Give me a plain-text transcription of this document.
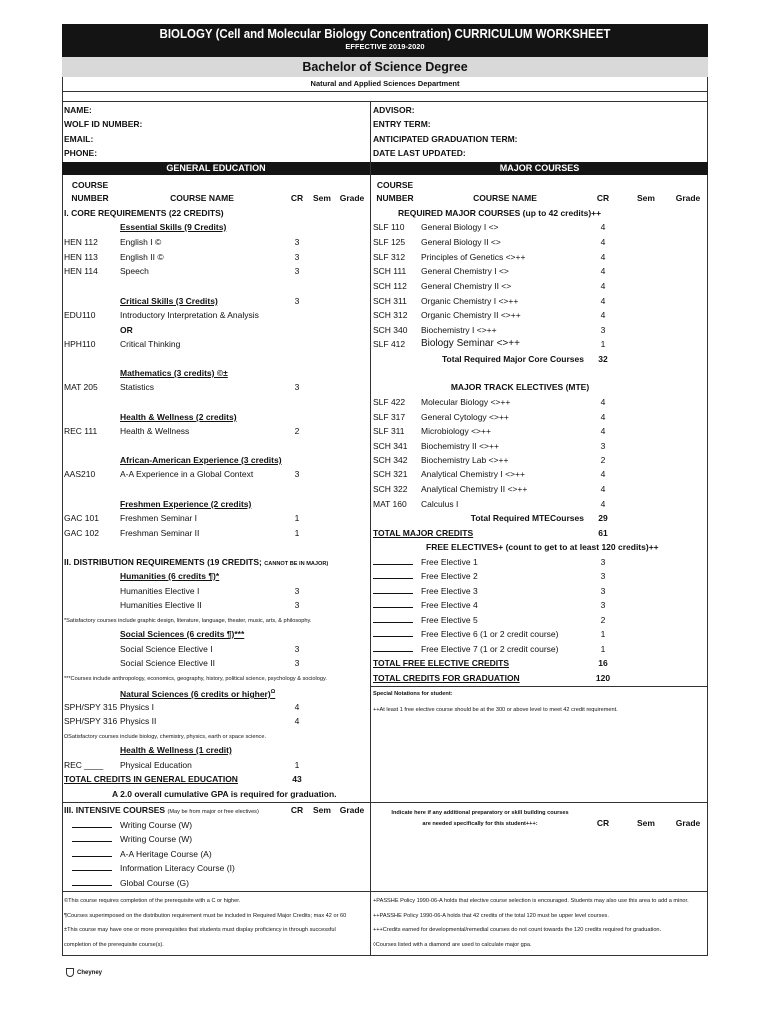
BIOLOGY (Cell and Molecular Biology Concentration) CURRICULUM WORKSHEET
EFFECTIVE 2019-2020
Bachelor of Science Degree
Natural and Applied Sciences Department
NAME:
WOLF ID NUMBER:
EMAIL:
PHONE:
ADVISOR:
ENTRY TERM:
ANTICIPATED GRADUATION TERM:
DATE LAST UPDATED:
GENERAL EDUCATION	MAJOR COURSES
COURSE
NUMBER	COURSE NAME	CR	Sem	Grade
I. CORE REQUIREMENTS (22 CREDITS)
Essential Skills (9 Credits)
HEN 112	English I ©	3
HEN 113	English II ©	3
HEN 114	Speech	3
Critical Skills (3 Credits)	3
EDU110	Introductory Interpretation & Analysis
OR
HPH110	Critical Thinking
Mathematics (3 credits) ©±
MAT 205	Statistics	3
Health & Wellness (2 credits)
REC 111	Health & Wellness	2
African-American Experience (3 credits)
AAS210	A-A Experience in a Global Context	3
Freshmen Experience (2 credits)
GAC 101 Freshmen Seminar I	1
GAC 102 Freshman Seminar II	1
II. DISTRIBUTION REQUIREMENTS (19 CREDITS; CANNOT BE IN MAJOR)
Humanities (6 credits ¶)*
Humanities Elective I	3
Humanities Elective II	3
*Satisfactory courses include graphic design, literature, language, theater, music, arts, & philosophy.
Social Sciences (6 credits ¶)***
Social Science Elective I	3
Social Science Elective II	3
***Courses include anthropology, economics, geography, history, political science, psychology & sociology.
Natural Sciences (6 credits or higher)$^\Omega$
SPH/SPY 315 Physics I	4
SPH/SPY 316 Physics II	4
ΩSatisfactory courses include biology, chemistry, physics, earth or space science.
Health & Wellness (1 credit)
REC ____ Physical Education	1
TOTAL CREDITS IN GENERAL EDUCATION	43
A 2.0 overall cumulative GPA is required for graduation.
III. INTENSIVE COURSES (May be from major or free electives)	CR	Sem	Grade
Writing Course (W)
Writing Course (W)
A-A Heritage Course (A)
Information Literacy Course (I)
Global Course (G)
©This course requires completion of the prerequisite with a C or higher.
¶Courses superimposed on the distribution requirement must be included in Required Major Credits; max 42 or 60
±This course may have one or more prerequisites that students must display proficiency in through successful
completion of the prerequisite course(s).
COURSE
NUMBER	COURSE NAME	CR	Sem	Grade
REQUIRED MAJOR COURSES (up to 42 credits)++
SLF 110 General Biology I <>	4
SLF 125 General Biology II <>	4
SLF 312 Principles of Genetics <>++	4
SCH 111 General Chemistry I <>	4
SCH 112 General Chemistry II <>	4
SCH 311 Organic Chemistry I <>++	4
SCH 312 Organic Chemistry II <>++	4
SCH 340 Biochemistry I <>++	3
SLF 412 Biology Seminar <>++	1
Total Required Major Core Courses	32
MAJOR TRACK ELECTIVES (MTE)
SLF 422 Molecular Biology <>++	4
SLF 317 General Cytology <>++	4
SLF 311 Microbiology <>++	4
SCH 341 Biochemistry II <>++	3
SCH 342 Biochemistry Lab <>++	2
SCH 321 Analytical Chemistry I <>++	4
SCH 322 Analytical Chemistry II <>++	4
MAT 160 Calculus I	4
Total Required MTECourses	29
TOTAL MAJOR CREDITS	61
FREE ELECTIVES+ (count to get to at least 120 credits)++
Free Elective 1	3
Free Elective 2	3
Free Elective 3	3
Free Elective 4	3
Free Elective 5	2
Free Elective 6 (1 or 2 credit course)	1
Free Elective 7 (1 or 2 credit course)	1
TOTAL FREE ELECTIVE CREDITS	16
TOTAL CREDITS FOR GRADUATION	120
Special Notations for student:
++At least 1 free elective course should be at the 300 or above level to meet 42 credit requirement.
Indicate here if any additional preparatory or skill building courses
are needed specifically for this student+++:	CR	Sem	Grade
+PASSHE Policy 1990-06-A holds that elective course selection is encouraged. Students may also use this area to add a minor.
++PASSHE Policy 1990-06-A holds that 42 credits of the total 120 must be upper level courses.
+++Credits earned for developmental/remedial courses do not count towards the 120 credits required for graduation.
◊Courses listed with a diamond are used to calculate major gpa.
Cheyney
